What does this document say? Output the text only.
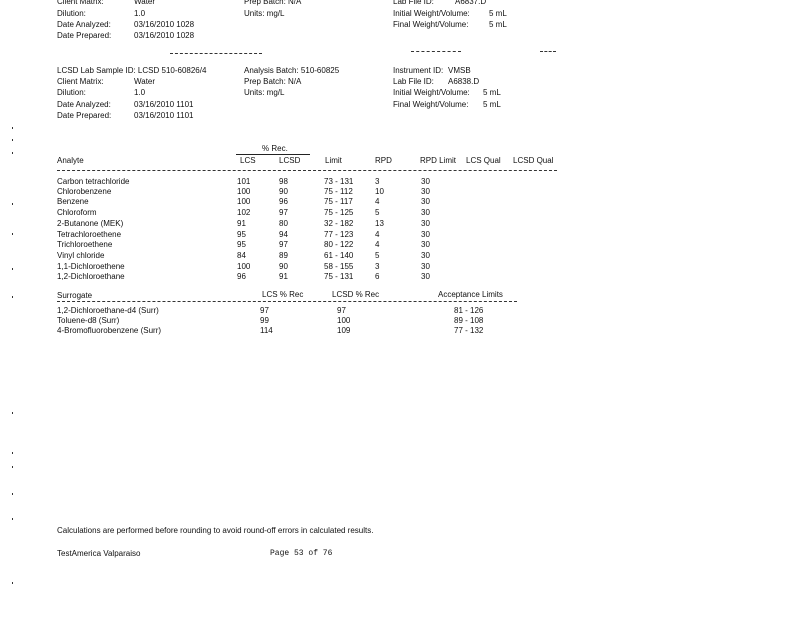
Client Matrix:	Water
Dilution:	1.0
Date Analyzed:	03/16/2010 1028
Date Prepared:	03/16/2010 1028
Prep Batch: N/A
Units: mg/L
Lab File ID:	A6837.D
Initial Weight/Volume: 5 mL
Final Weight/Volume:	5 mL
LCSD Lab Sample ID: LCSD 510-60826/4
Client Matrix:	Water
Dilution:	1.0
Date Analyzed:	03/16/2010 1101
Date Prepared:	03/16/2010 1101
Analysis Batch: 510-60825
Prep Batch: N/A
Units: mg/L
Instrument ID: VMSB
Lab File ID: A6838.D
Initial Weight/Volume: 5 mL
Final Weight/Volume: 5 mL
% Rec.
Analyte	LCS	LCSD	Limit	RPD	RPD Limit LCS Qual LCSD Qual
Carbon tetrachloride	101	98	73 - 131	3	30
Chlorobenzene	100	90	75 - 112	10	30
Benzene	100	96	75 - 117	4	30
Chloroform	102	97	75 - 125	5	30
2-Butanone (MEK)	91	80	32 - 182	13	30
Tetrachloroethene	95	94	77 - 123	4	30
Trichloroethene	95	97	80 - 122	4	30
Vinyl chloride	84	89	61 - 140	5	30
1,1-Dichloroethene	100	90	58 - 155	3	30
1,2-Dichloroethane	96	91	75 - 131	6	30
Surrogate	LCS % Rec	LCSD % Rec	Acceptance Limits
1,2-Dichloroethane-d4 (Surr)	97	97	81 - 126
Toluene-d8 (Surr)	99	100	89 - 108
4-Bromofluorobenzene (Surr)	114	109	77 - 132
Calculations are performed before rounding to avoid round-off errors in calculated results.
TestAmerica Valparaiso	Page 53 of 76
